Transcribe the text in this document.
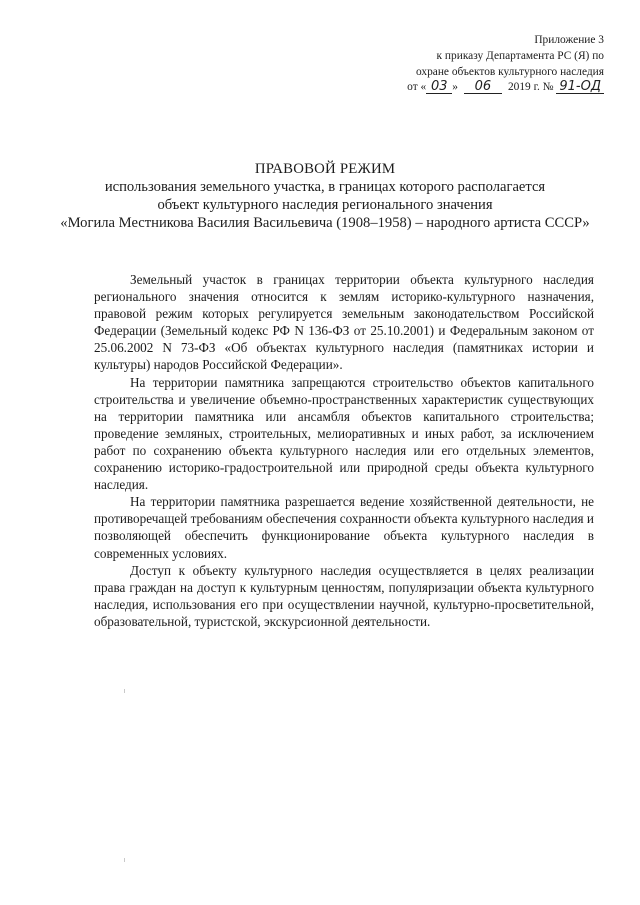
Приложение 3
к приказу Департамента РС (Я) по
охране объектов культурного наследия
от « 03 » 06 2019 г. № 91-ОД
ПРАВОВОЙ РЕЖИМ
использования земельного участка, в границах которого располагается
объект культурного наследия регионального значения
«Могила Местникова Василия Васильевича (1908–1958) – народного артиста СССР»

Земельный участок в границах территории объекта культурного наследия регионального значения относится к землям историко-культурного назначения, правовой режим которых регулируется земельным законодательством Российской Федерации (Земельный кодекс РФ N 136-ФЗ от 25.10.2001) и Федеральным законом от 25.06.2002 N 73-ФЗ «Об объектах культурного наследия (памятниках истории и культуры) народов Российской Федерации».

На территории памятника запрещаются строительство объектов капитального строительства и увеличение объемно-пространственных характеристик существующих на территории памятника или ансамбля объектов капитального строительства; проведение земляных, строительных, мелиоративных и иных работ, за исключением работ по сохранению объекта культурного наследия или его отдельных элементов, сохранению историко-градостроительной или природной среды объекта культурного наследия.

На территории памятника разрешается ведение хозяйственной деятельности, не противоречащей требованиям обеспечения сохранности объекта культурного наследия и позволяющей обеспечить функционирование объекта культурного наследия в современных условиях.

Доступ к объекту культурного наследия осуществляется в целях реализации права граждан на доступ к культурным ценностям, популяризации объекта культурного наследия, использования его при осуществлении научной, культурно-просветительной, образовательной, туристской, экскурсионной деятельности.
